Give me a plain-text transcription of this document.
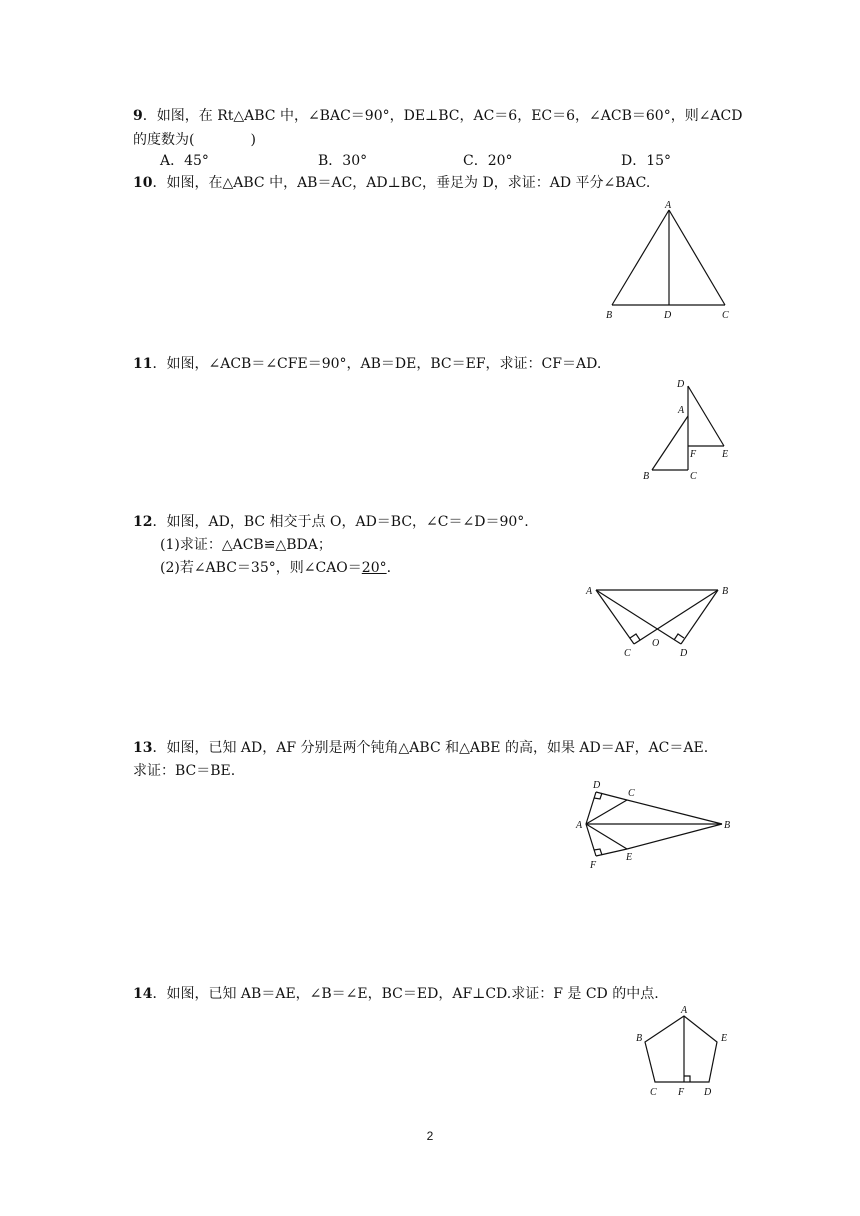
9．如图，在 Rt△ABC 中，∠BAC＝90°，DE⊥BC，AC＝6，EC＝6，∠ACB＝60°，则∠ACD
的度数为(　　　　)
A．45°	B．30°	C．20°	D．15°
10．如图，在△ABC 中，AB＝AC，AD⊥BC，垂足为 D，求证：AD 平分∠BAC.
A
B	D	C
11．如图，∠ACB＝∠CFE＝90°，AB＝DE，BC＝EF，求证：CF＝AD.
D
A
F	E
B	C
12．如图，AD，BC 相交于点 O，AD＝BC，∠C＝∠D＝90°.
(1)求证：△ACB≌△BDA；
(2)若∠ABC＝35°，则∠CAO＝20°.
A	B
C
O
D
13．如图，已知 AD，AF 分别是两个钝角△ABC 和△ABE 的高，如果 AD＝AF，AC＝AE.
求证：BC＝BE.
D
C
A	B
E
F
14．如图，已知 AB＝AE，∠B＝∠E，BC＝ED，AF⊥CD.求证：F 是 CD 的中点.
A
B	E
C F D
2
